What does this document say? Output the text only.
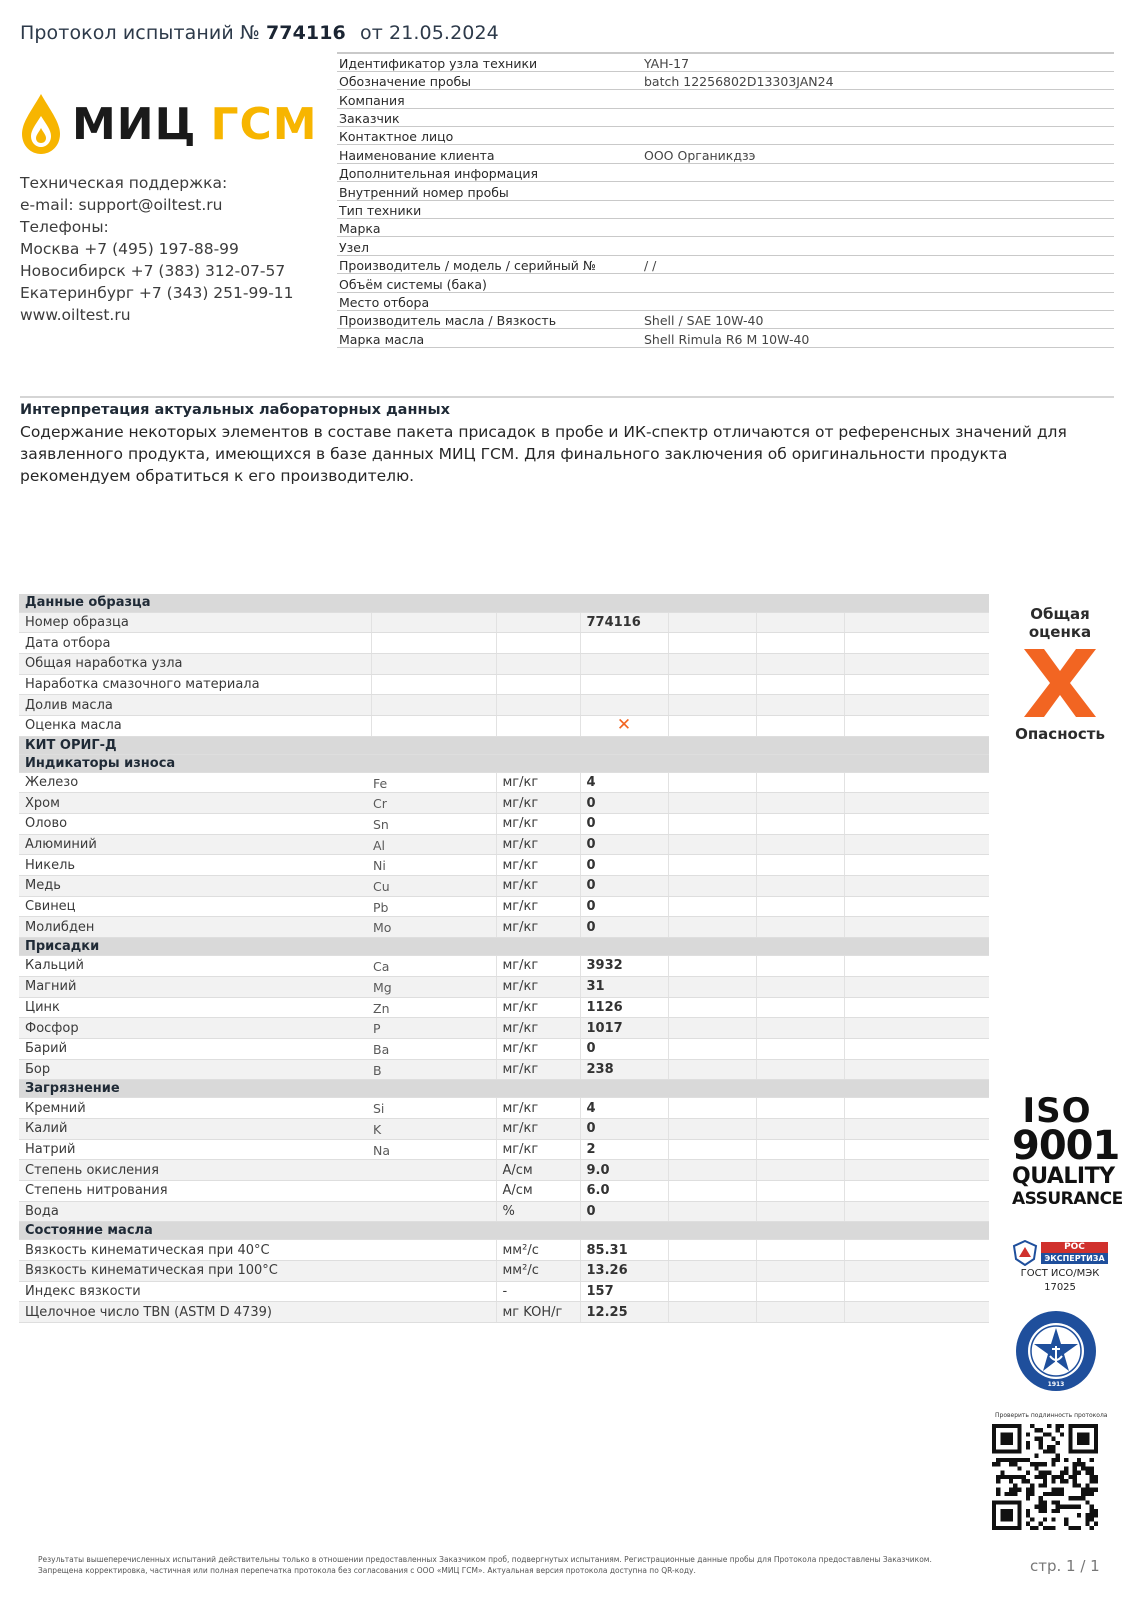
Протокол испытаний № 774116 от 21.05.2024
МИЦ ГСМ
Техническая поддержка:
e-mail: support@oiltest.ru
Телефоны:
Москва +7 (495) 197-88-99
Новосибирск +7 (383) 312-07-57
Екатеринбург +7 (343) 251-99-11
www.oiltest.ru
Идентификатор узла техники	YAH-17
Обозначение пробы	batch 12256802D13303JAN24
Компания	
Заказчик	
Контактное лицо	
Наименование клиента	ООО Органикдзэ
Дополнительная информация	
Внутренний номер пробы	
Тип техники	
Марка	
Узел	
Производитель / модель / серийный №	/ /
Объём системы (бака)	
Место отбора	
Производитель масла / Вязкость	Shell / SAE 10W-40
Марка масла	Shell Rimula R6 M 10W-40
Интерпретация актуальных лабораторных данных
Содержание некоторых элементов в составе пакета присадок в пробе и ИК-спектр отличаются от референсных значений для заявленного продукта, имеющихся в базе данных МИЦ ГСМ. Для финального заключения об оригинальности продукта рекомендуем обратиться к его производителю.
Данные образца						
Номер образца			774116			
Дата отбора						
Общая наработка узла						
Наработка смазочного материала						
Долив масла						
Оценка масла			✕			
КИТ ОРИГ-Д						
Индикаторы износа						
Железо Fe		мг/кг	4			
Хром Cr		мг/кг	0			
Олово Sn		мг/кг	0			
Алюминий Al		мг/кг	0			
Никель Ni		мг/кг	0			
Медь Cu		мг/кг	0			
Свинец Pb		мг/кг	0			
Молибден Mo		мг/кг	0			
Присадки						
Кальций Ca		мг/кг	3932			
Магний Mg		мг/кг	31			
Цинк Zn		мг/кг	1126			
Фосфор P		мг/кг	1017			
Барий Ba		мг/кг	0			
Бор B		мг/кг	238			
Загрязнение						
Кремний Si		мг/кг	4			
Калий K		мг/кг	0			
Натрий Na		мг/кг	2			
Степень окисления		A/см	9.0			
Степень нитрования		A/см	6.0			
Вода		%	0			
Состояние масла						
Вязкость кинематическая при 40°C		мм²/с	85.31			
Вязкость кинематическая при 100°C		мм²/с	13.26			
Индекс вязкости		-	157			
Щелочное число TBN (ASTM D 4739)		мг KOH/г	12.25			
Общая оценка
Опасность
ISO
9001
QUALITY
ASSURANCE
РОС
ЭКСПЕРТИЗА
ГОСТ ИСО/МЭК
17025
1913
Проверить подлинность протокола
Результаты вышеперечисленных испытаний действительны только в отношении предоставленных Заказчиком проб, подвергнутых испытаниям. Регистрационные данные пробы для Протокола предоставлены Заказчиком.
Запрещена корректировка, частичная или полная перепечатка протокола без согласования с ООО «МИЦ ГСМ». Актуальная версия протокола доступна по QR-коду.	стр. 1 / 1
